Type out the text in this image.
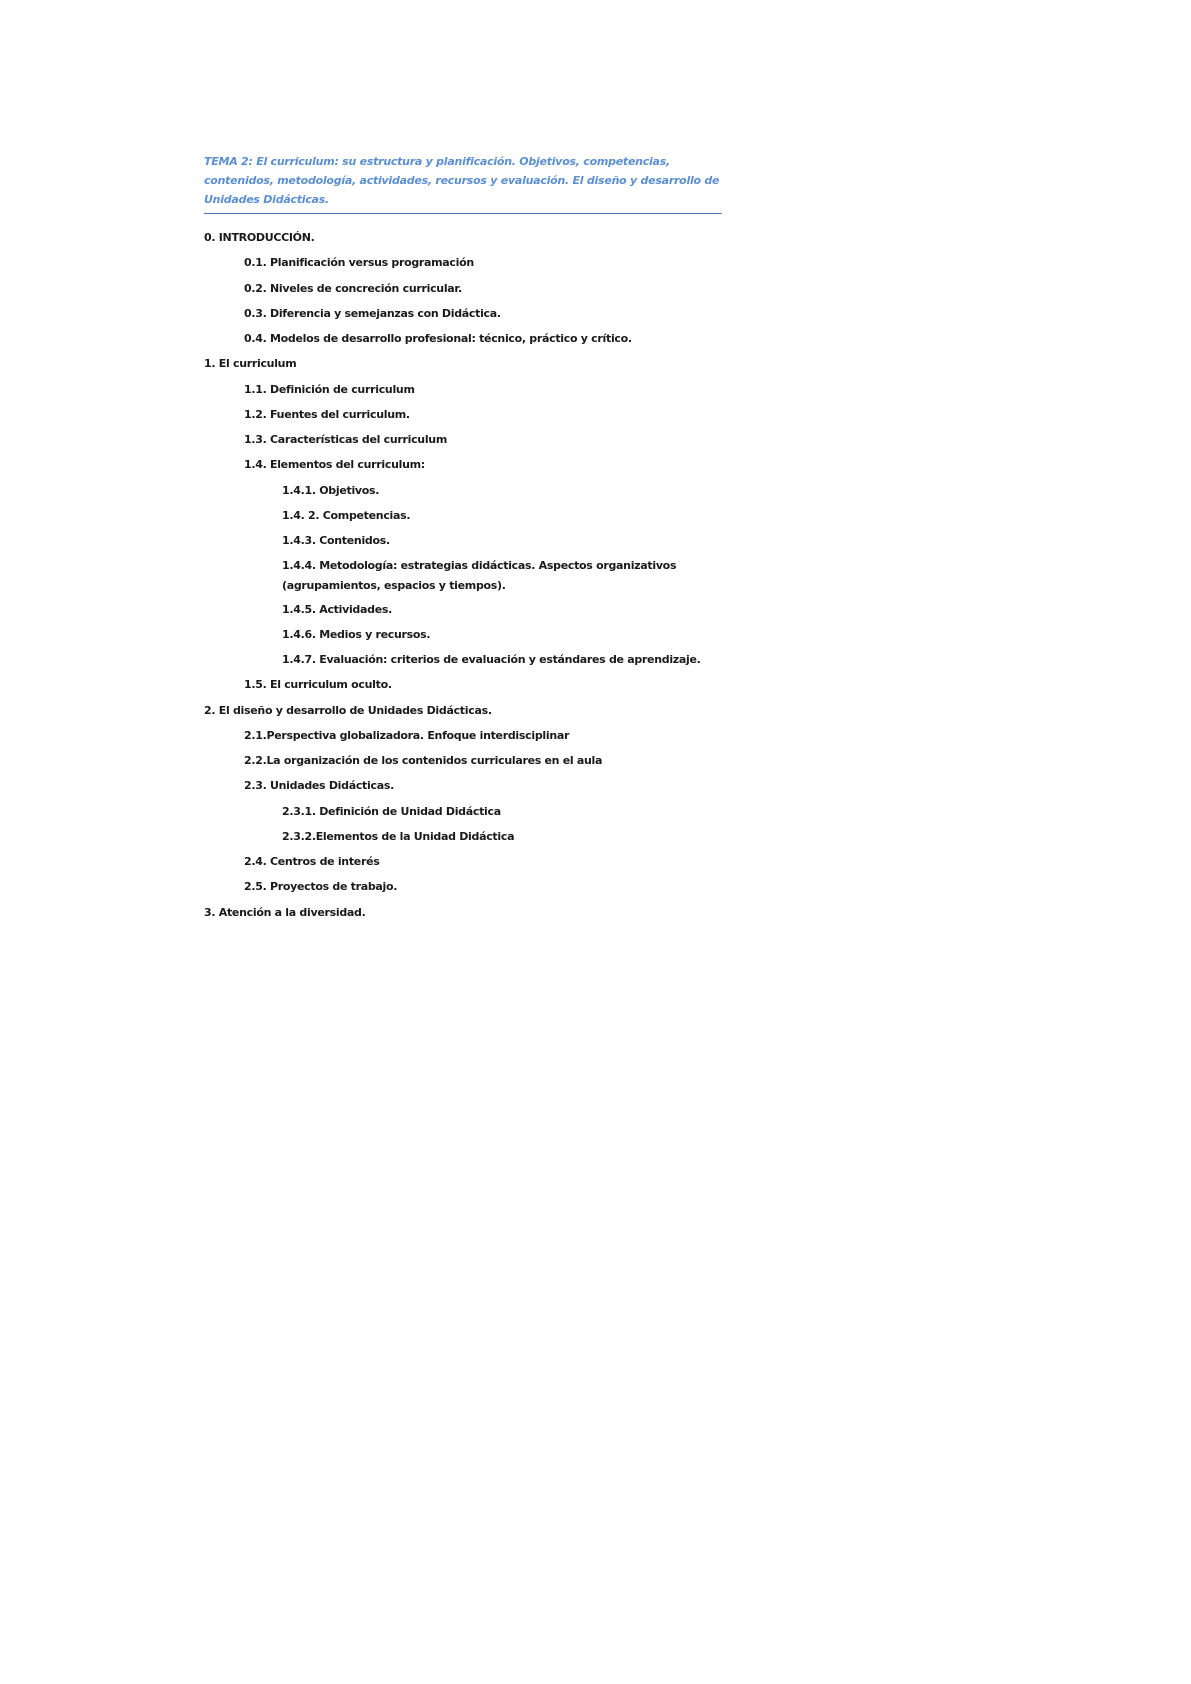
TEMA 2: El curriculum: su estructura y planificación. Objetivos, competencias, contenidos, metodología, actividades, recursos y evaluación. El diseño y desarrollo de Unidades Didácticas.

0. INTRODUCCIÓN.
0.1. Planificación versus programación
0.2. Niveles de concreción curricular.
0.3. Diferencia y semejanzas con Didáctica.
0.4. Modelos de desarrollo profesional: técnico, práctico y crítico.
1. El curriculum
1.1. Definición de curriculum
1.2. Fuentes del curriculum.
1.3. Características del curriculum
1.4. Elementos del curriculum:
1.4.1. Objetivos.
1.4. 2. Competencias.
1.4.3. Contenidos.
1.4.4. Metodología: estrategias didácticas. Aspectos organizativos (agrupamientos, espacios y tiempos).
1.4.5. Actividades.
1.4.6. Medios y recursos.
1.4.7. Evaluación: criterios de evaluación y estándares de aprendizaje.
1.5. El curriculum oculto.
2. El diseño y desarrollo de Unidades Didácticas.
2.1.Perspectiva globalizadora. Enfoque interdisciplinar
2.2.La organización de los contenidos curriculares en el aula
2.3. Unidades Didácticas.
2.3.1. Definición de Unidad Didáctica
2.3.2.Elementos de la Unidad Didáctica
2.4. Centros de interés
2.5. Proyectos de trabajo.
3. Atención a la diversidad.
